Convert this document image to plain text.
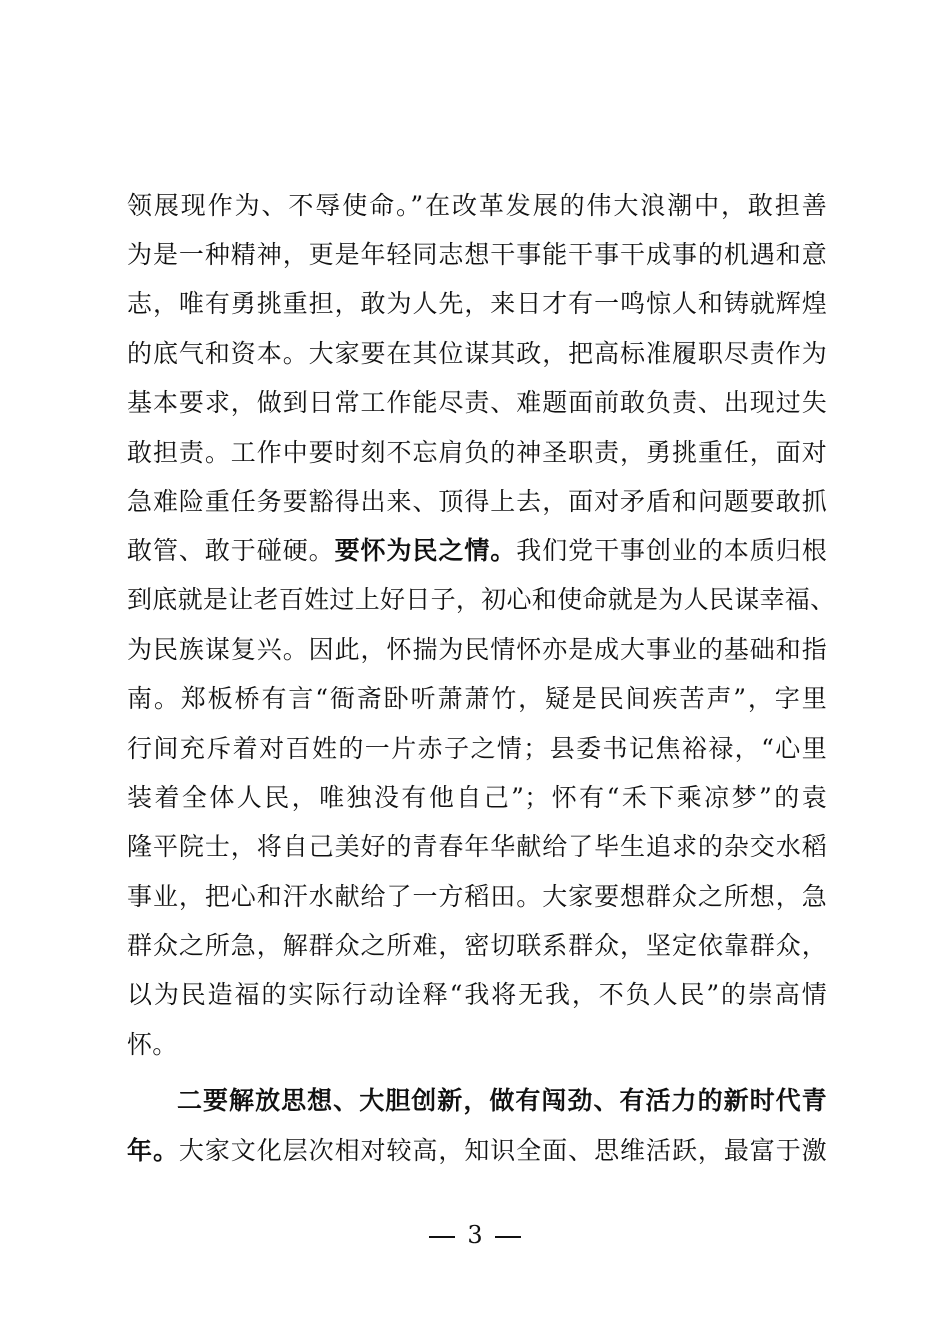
领展现作为、不辱使命。”在改革发展的伟大浪潮中，敢担善
为是一种精神，更是年轻同志想干事能干事干成事的机遇和意
志，唯有勇挑重担，敢为人先，来日才有一鸣惊人和铸就辉煌
的底气和资本。大家要在其位谋其政，把高标准履职尽责作为
基本要求，做到日常工作能尽责、难题面前敢负责、出现过失
敢担责。工作中要时刻不忘肩负的神圣职责，勇挑重任，面对
急难险重任务要豁得出来、顶得上去，面对矛盾和问题要敢抓
敢管、敢于碰硬。要怀为民之情。我们党干事创业的本质归根
到底就是让老百姓过上好日子，初心和使命就是为人民谋幸福、
为民族谋复兴。因此，怀揣为民情怀亦是成大事业的基础和指
南。郑板桥有言“衙斋卧听萧萧竹，疑是民间疾苦声”，字里
行间充斥着对百姓的一片赤子之情；县委书记焦裕禄，“心里
装着全体人民，唯独没有他自己”；怀有“禾下乘凉梦”的袁
隆平院士，将自己美好的青春年华献给了毕生追求的杂交水稻
事业，把心和汗水献给了一方稻田。大家要想群众之所想，急
群众之所急，解群众之所难，密切联系群众，坚定依靠群众，
以为民造福的实际行动诠释“我将无我，不负人民”的崇高情
怀。
二要解放思想、大胆创新，做有闯劲、有活力的新时代青
年。大家文化层次相对较高，知识全面、思维活跃，最富于激
3
